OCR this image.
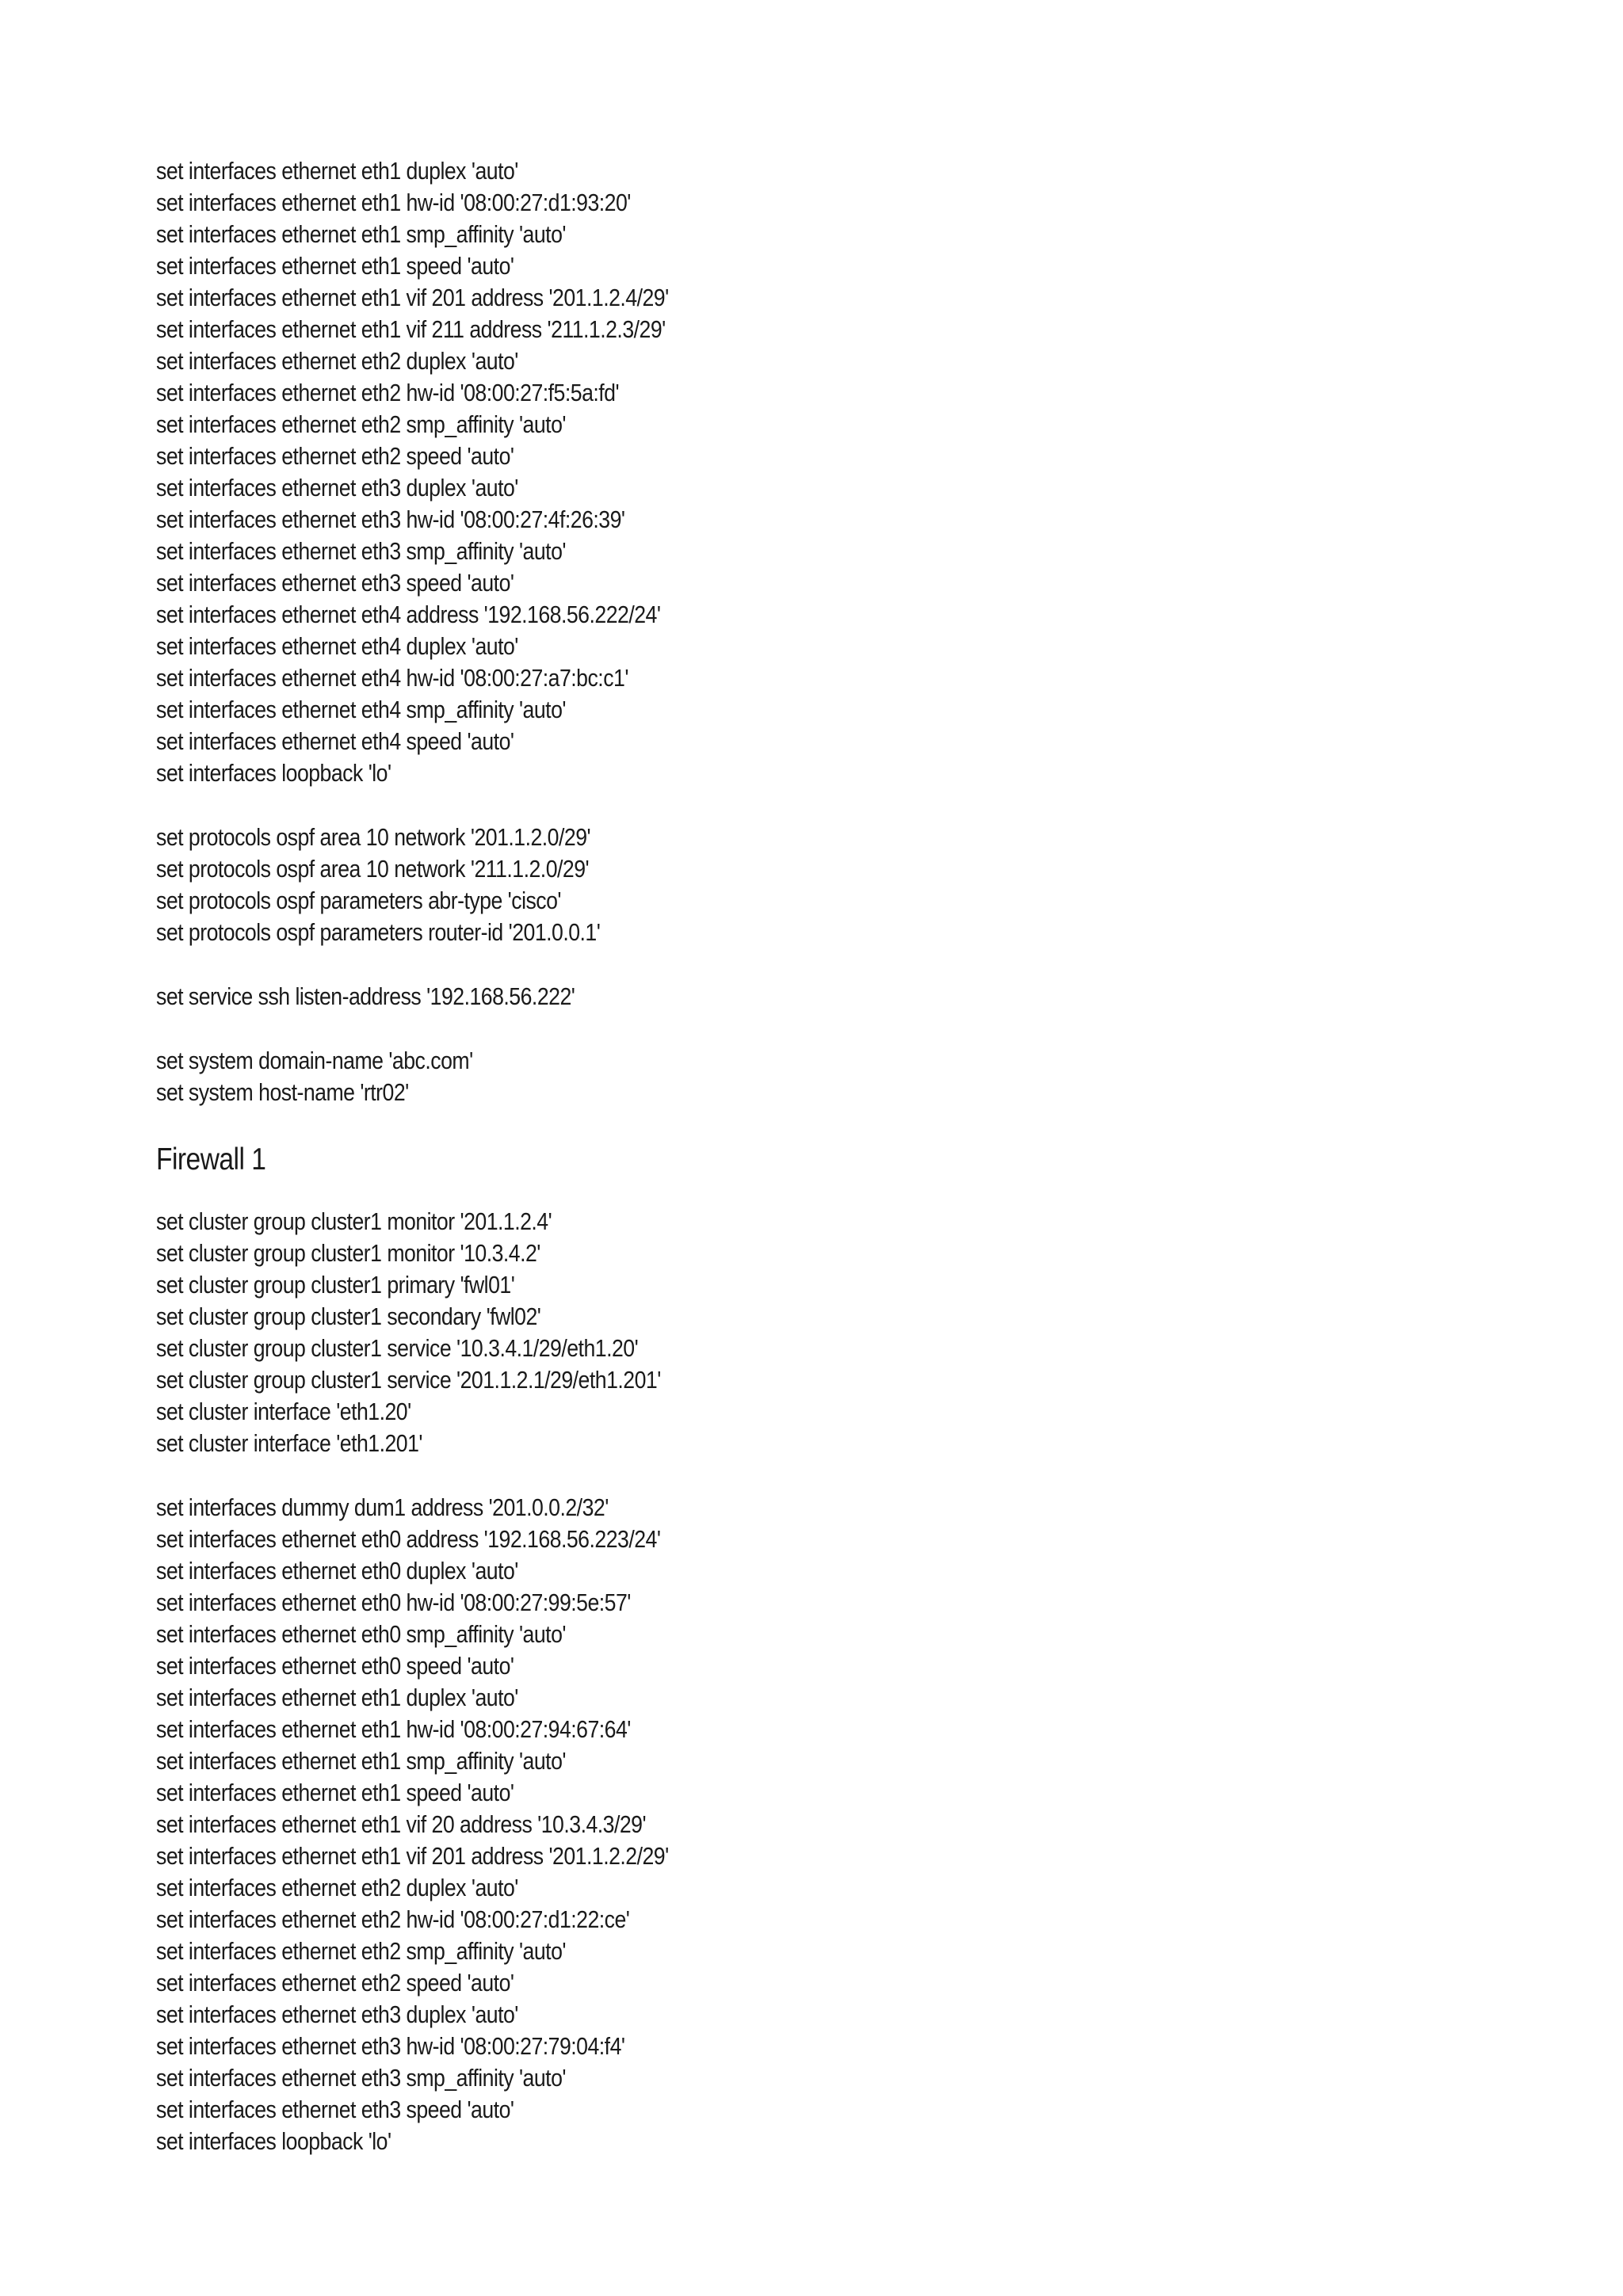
set interfaces ethernet eth1 duplex 'auto'
set interfaces ethernet eth1 hw-id '08:00:27:d1:93:20'
set interfaces ethernet eth1 smp_affinity 'auto'
set interfaces ethernet eth1 speed 'auto'
set interfaces ethernet eth1 vif 201 address '201.1.2.4/29'
set interfaces ethernet eth1 vif 211 address '211.1.2.3/29'
set interfaces ethernet eth2 duplex 'auto'
set interfaces ethernet eth2 hw-id '08:00:27:f5:5a:fd'
set interfaces ethernet eth2 smp_affinity 'auto'
set interfaces ethernet eth2 speed 'auto'
set interfaces ethernet eth3 duplex 'auto'
set interfaces ethernet eth3 hw-id '08:00:27:4f:26:39'
set interfaces ethernet eth3 smp_affinity 'auto'
set interfaces ethernet eth3 speed 'auto'
set interfaces ethernet eth4 address '192.168.56.222/24'
set interfaces ethernet eth4 duplex 'auto'
set interfaces ethernet eth4 hw-id '08:00:27:a7:bc:c1'
set interfaces ethernet eth4 smp_affinity 'auto'
set interfaces ethernet eth4 speed 'auto'
set interfaces loopback 'lo'
set protocols ospf area 10 network '201.1.2.0/29'
set protocols ospf area 10 network '211.1.2.0/29'
set protocols ospf parameters abr-type 'cisco'
set protocols ospf parameters router-id '201.0.0.1'
set service ssh listen-address '192.168.56.222'
set system domain-name 'abc.com'
set system host-name 'rtr02'
Firewall 1
set cluster group cluster1 monitor '201.1.2.4'
set cluster group cluster1 monitor '10.3.4.2'
set cluster group cluster1 primary 'fwl01'
set cluster group cluster1 secondary 'fwl02'
set cluster group cluster1 service '10.3.4.1/29/eth1.20'
set cluster group cluster1 service '201.1.2.1/29/eth1.201'
set cluster interface 'eth1.20'
set cluster interface 'eth1.201'
set interfaces dummy dum1 address '201.0.0.2/32'
set interfaces ethernet eth0 address '192.168.56.223/24'
set interfaces ethernet eth0 duplex 'auto'
set interfaces ethernet eth0 hw-id '08:00:27:99:5e:57'
set interfaces ethernet eth0 smp_affinity 'auto'
set interfaces ethernet eth0 speed 'auto'
set interfaces ethernet eth1 duplex 'auto'
set interfaces ethernet eth1 hw-id '08:00:27:94:67:64'
set interfaces ethernet eth1 smp_affinity 'auto'
set interfaces ethernet eth1 speed 'auto'
set interfaces ethernet eth1 vif 20 address '10.3.4.3/29'
set interfaces ethernet eth1 vif 201 address '201.1.2.2/29'
set interfaces ethernet eth2 duplex 'auto'
set interfaces ethernet eth2 hw-id '08:00:27:d1:22:ce'
set interfaces ethernet eth2 smp_affinity 'auto'
set interfaces ethernet eth2 speed 'auto'
set interfaces ethernet eth3 duplex 'auto'
set interfaces ethernet eth3 hw-id '08:00:27:79:04:f4'
set interfaces ethernet eth3 smp_affinity 'auto'
set interfaces ethernet eth3 speed 'auto'
set interfaces loopback 'lo'
